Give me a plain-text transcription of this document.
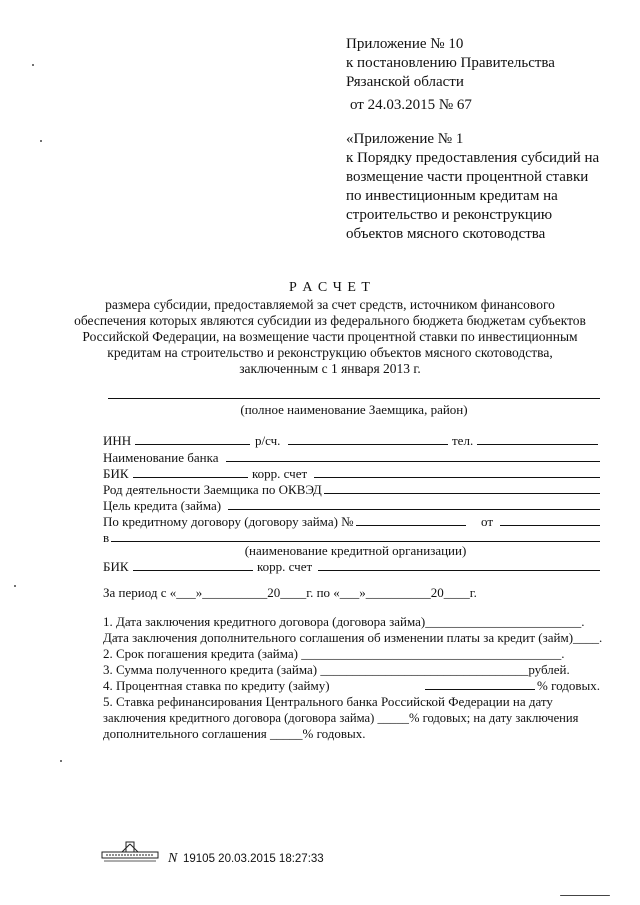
Приложение № 10
к постановлению Правительства
Рязанской области
от 24.03.2015 № 67
«Приложение № 1
к Порядку предоставления субсидий на
возмещение части процентной ставки
по инвестиционным кредитам на
строительство и реконструкцию
объектов мясного скотоводства
Р А С Ч Е Т
размера субсидии, предоставляемой за счет средств, источником финансового
обеспечения которых являются субсидии из федерального бюджета бюджетам субъектов
Российской Федерации, на возмещение части процентной ставки по инвестиционным
кредитам на строительство и реконструкцию объектов мясного скотоводства,
заключенным с 1 января 2013 г.
(полное наименование Заемщика, район)
ИНН	р/сч.	тел.
Наименование банка
БИК	корр. счет
Род деятельности Заемщика по ОКВЭД
Цель кредита (займа)
По кредитному договору (договору займа) №	от
в
(наименование кредитной организации)
БИК	корр. счет
За период с «___»__________20____г. по «___»__________20____г.
1. Дата заключения кредитного договора (договора займа)________________________.
Дата заключения дополнительного соглашения об изменении платы за кредит (займ)____.
2. Срок погашения кредита (займа) ________________________________________.
3. Сумма полученного кредита (займа) ________________________________рублей.
4. Процентная ставка по кредиту (займу)	% годовых.
5. Ставка рефинансирования Центрального банка Российской Федерации на дату
заключения кредитного договора (договора займа) _____% годовых; на дату заключения
дополнительного соглашения _____% годовых.
N 19105 20.03.2015 18:27:33
